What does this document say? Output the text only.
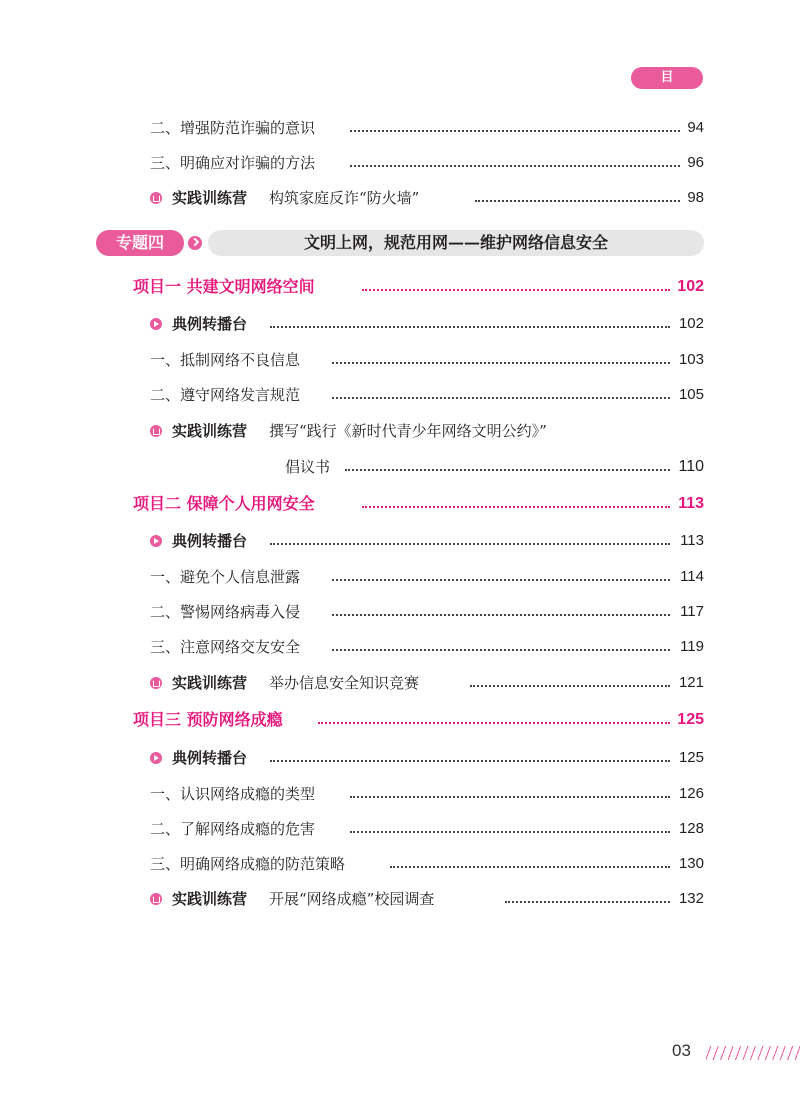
目 录
二、增强防范诈骗的意识	94
三、明确应对诈骗的方法	96
实践训练营 构筑家庭反诈“防火墙”	98
专题四	文明上网，规范用网——维护网络信息安全
项目一 共建文明网络空间	102
典例转播台	102
一、抵制网络不良信息	103
二、遵守网络发言规范	105
实践训练营 撰写“践行《新时代青少年网络文明公约》”
倡议书	110
项目二 保障个人用网安全	113
典例转播台	113
一、避免个人信息泄露	114
二、警惕网络病毒入侵	117
三、注意网络交友安全	119
实践训练营 举办信息安全知识竞赛	121
项目三 预防网络成瘾	125
典例转播台	125
一、认识网络成瘾的类型	126
二、了解网络成瘾的危害	128
三、明确网络成瘾的防范策略	130
实践训练营 开展“网络成瘾”校园调查	132
03
